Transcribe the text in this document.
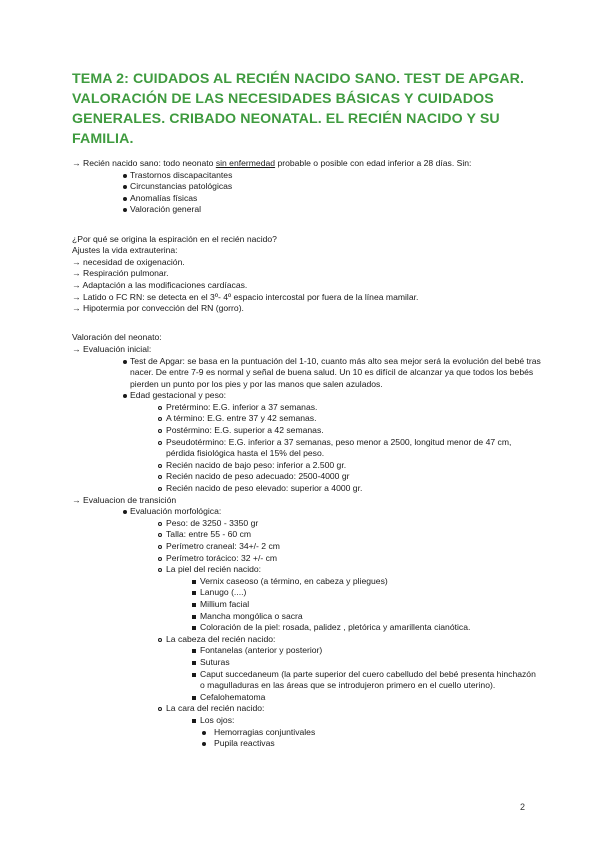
TEMA 2: CUIDADOS AL RECIÉN NACIDO SANO. TEST DE APGAR.
VALORACIÓN DE LAS NECESIDADES BÁSICAS Y CUIDADOS
GENERALES. CRIBADO NEONATAL. EL RECIÉN NACIDO Y SU
FAMILIA.
→ Recién nacido sano: todo neonato sin enfermedad probable o posible con edad inferior a 28 días. Sin:
Trastornos discapacitantes
Circunstancias patológicas
Anomalías físicas
Valoración general
¿Por qué se origina la espiración en el recién nacido?
Ajustes la vida extrauterina:
→ necesidad de oxigenación.
→ Respiración pulmonar.
→ Adaptación a las modificaciones cardíacas.
→ Latido o FC RN: se detecta en el 3º- 4º espacio intercostal por fuera de la línea mamilar.
→ Hipotermia por convección del RN (gorro).
Valoración del neonato:
→ Evaluación inicial:
Test de Apgar: se basa en la puntuación del 1-10, cuanto más alto sea mejor será la evolución del bebé tras nacer. De entre 7-9 es normal y señal de buena salud. Un 10 es difícil de alcanzar ya que todos los bebés pierden un punto por los pies y por las manos que salen azulados.
Edad gestacional y peso:
Pretérmino: E.G. inferior a 37 semanas.
A término: E.G. entre 37 y 42 semanas.
Postérmino: E.G. superior a 42 semanas.
Pseudotérmino: E.G. inferior a 37 semanas, peso menor a 2500, longitud menor de 47 cm, pérdida fisiológica hasta el 15% del peso.
Recién nacido de bajo peso: inferior a 2.500 gr.
Recién nacido de peso adecuado: 2500-4000 gr
Recién nacido de peso elevado: superior a 4000 gr.
→ Evaluacion de transición
Evaluación morfológica:
Peso: de 3250 - 3350 gr
Talla: entre 55 - 60 cm
Perímetro craneal: 34+/- 2 cm
Perímetro torácico: 32 +/- cm
La piel del recién nacido:
Vernix caseoso (a término, en cabeza y pliegues)
Lanugo (....)
Millium facial
Mancha mongólica o sacra
Coloración de la piel: rosada, palidez , pletórica y amarillenta cianótica.
La cabeza del recién nacido:
Fontanelas (anterior y posterior)
Suturas
Caput succedaneum (la parte superior del cuero cabelludo del bebé presenta hinchazón o magulladuras en las áreas que se introdujeron primero en el cuello uterino).
Cefalohematoma
La cara del recién nacido:
Los ojos:
Hemorragias conjuntivales
Pupila reactivas
2
